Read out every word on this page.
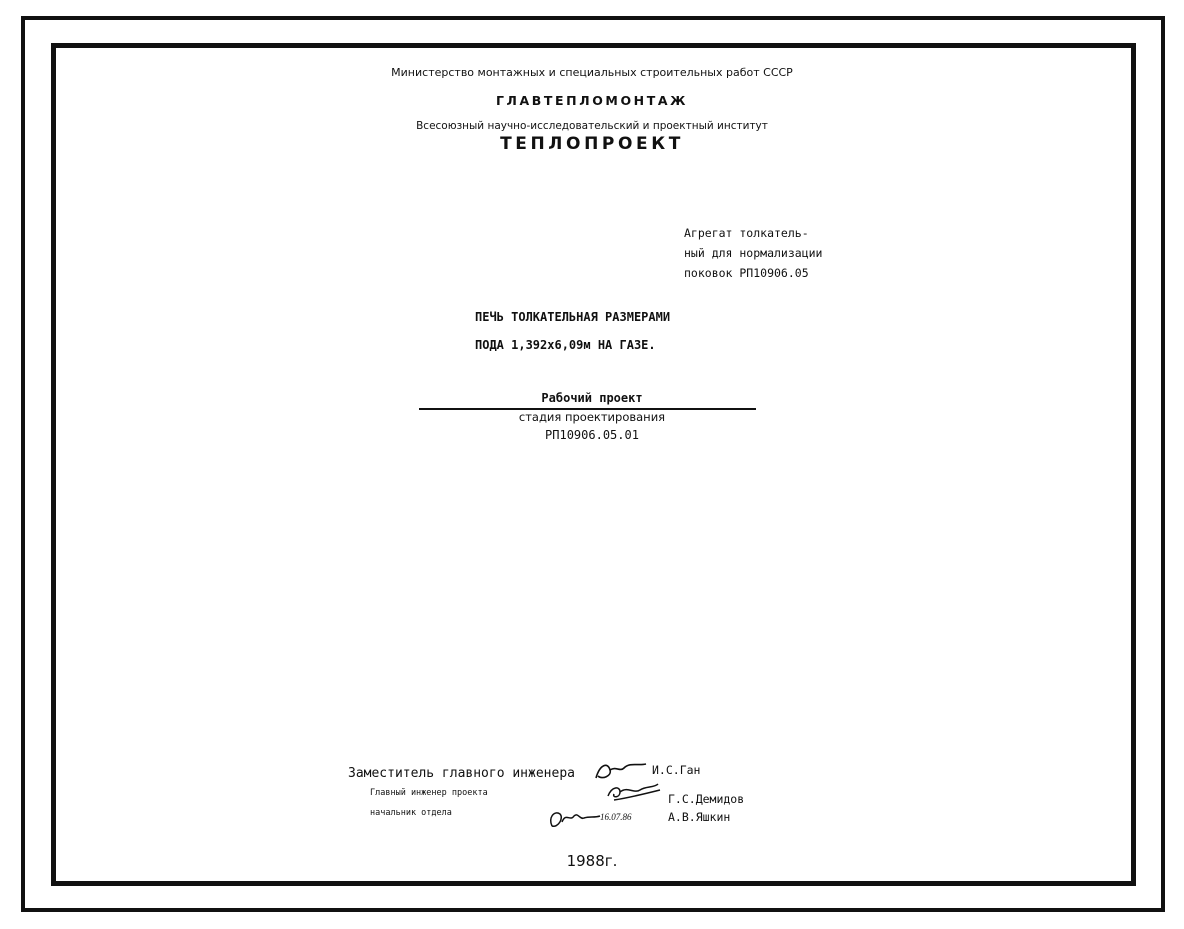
Министерство монтажных и специальных строительных работ СССР
ГЛАВТЕПЛОМОНТАЖ
Всесоюзный научно-исследовательский и проектный институт
ТЕПЛОПРОЕКТ
Агрегат толкатель-
ный для нормализации
поковок РП10906.05
ПЕЧЬ ТОЛКАТЕЛЬНАЯ РАЗМЕРАМИ
ПОДА 1,392х6,09м НА ГАЗЕ.
Рабочий проект
стадия проектирования
РП10906.05.01
Заместитель главного инженера
Главный инженер проекта
начальник отдела	16.07.86
И.С.Ган
Г.С.Демидов
А.В.Яшкин
1988г.
